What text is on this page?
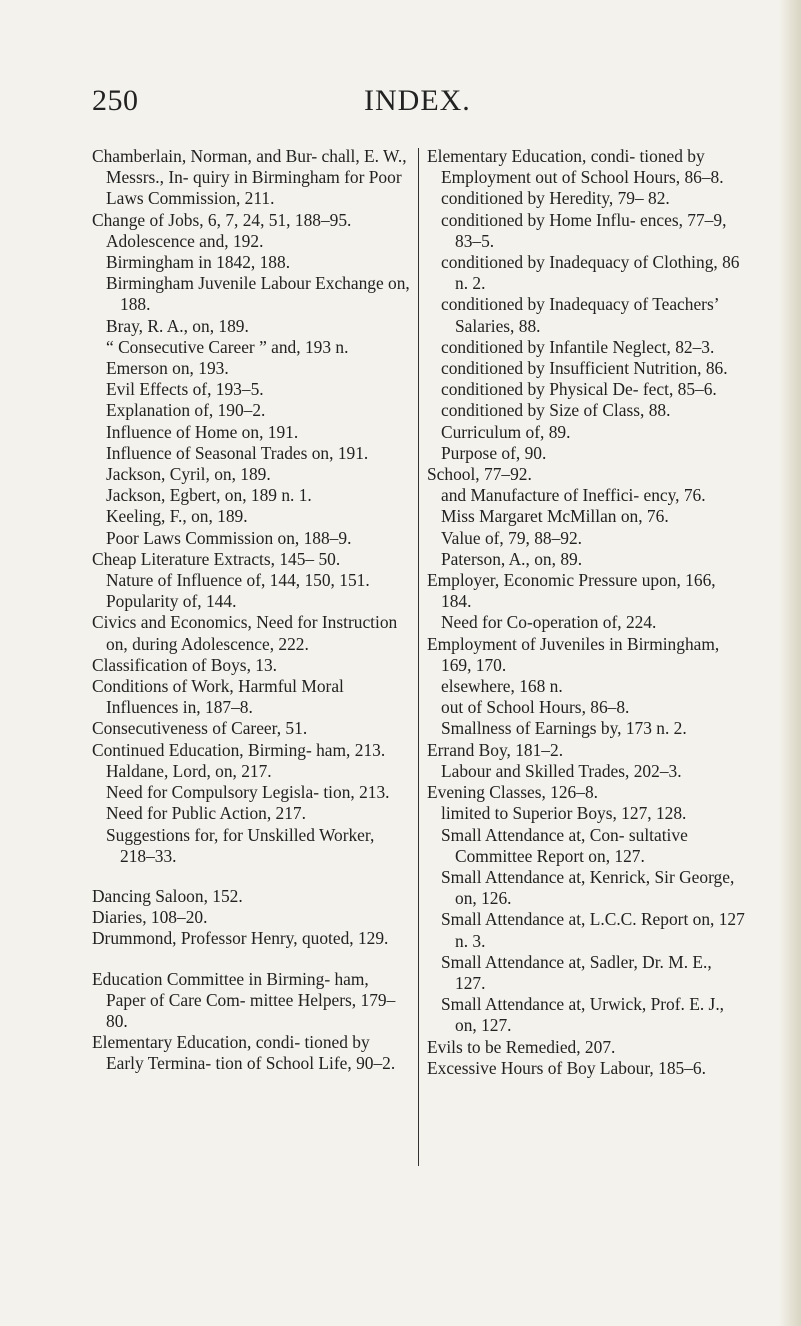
250	INDEX.

Chamberlain, Norman, and Bur- chall, E. W., Messrs., In- quiry in Birmingham for Poor Laws Commission, 211.

Change of Jobs, 6, 7, 24, 51, 188–95.

Adolescence and, 192.

Birmingham in 1842, 188.

Birmingham Juvenile Labour Exchange on, 188.

Bray, R. A., on, 189.

“ Consecutive Career ” and, 193 n.

Emerson on, 193.

Evil Effects of, 193–5.

Explanation of, 190–2.

Influence of Home on, 191.

Influence of Seasonal Trades on, 191.

Jackson, Cyril, on, 189.

Jackson, Egbert, on, 189 n. 1.

Keeling, F., on, 189.

Poor Laws Commission on, 188–9.

Cheap Literature Extracts, 145– 50.

Nature of Influence of, 144, 150, 151.

Popularity of, 144.

Civics and Economics, Need for Instruction on, during Adolescence, 222.

Classification of Boys, 13.

Conditions of Work, Harmful Moral Influences in, 187–8.

Consecutiveness of Career, 51.

Continued Education, Birming- ham, 213.

Haldane, Lord, on, 217.

Need for Compulsory Legisla- tion, 213.

Need for Public Action, 217.

Suggestions for, for Unskilled Worker, 218–33.

Dancing Saloon, 152.

Diaries, 108–20.

Drummond, Professor Henry, quoted, 129.

Education Committee in Birming- ham, Paper of Care Com- mittee Helpers, 179–80.

Elementary Education, condi- tioned by Early Termina- tion of School Life, 90–2.

Elementary Education, condi- tioned by Employment out of School Hours, 86–8.

conditioned by Heredity, 79– 82.

conditioned by Home Influ- ences, 77–9, 83–5.

conditioned by Inadequacy of Clothing, 86 n. 2.

conditioned by Inadequacy of Teachers’ Salaries, 88.

conditioned by Infantile Neglect, 82–3.

conditioned by Insufficient Nutrition, 86.

conditioned by Physical De- fect, 85–6.

conditioned by Size of Class, 88.

Curriculum of, 89.

Purpose of, 90.

School, 77–92.

and Manufacture of Ineffici- ency, 76.

Miss Margaret McMillan on, 76.

Value of, 79, 88–92.

Paterson, A., on, 89.

Employer, Economic Pressure upon, 166, 184.

Need for Co-operation of, 224.

Employment of Juveniles in Birmingham, 169, 170.

elsewhere, 168 n.

out of School Hours, 86–8.

Smallness of Earnings by, 173 n. 2.

Errand Boy, 181–2.

Labour and Skilled Trades, 202–3.

Evening Classes, 126–8.

limited to Superior Boys, 127, 128.

Small Attendance at, Con- sultative Committee Report on, 127.

Small Attendance at, Kenrick, Sir George, on, 126.

Small Attendance at, L.C.C. Report on, 127 n. 3.

Small Attendance at, Sadler, Dr. M. E., 127.

Small Attendance at, Urwick, Prof. E. J., on, 127.

Evils to be Remedied, 207.

Excessive Hours of Boy Labour, 185–6.
